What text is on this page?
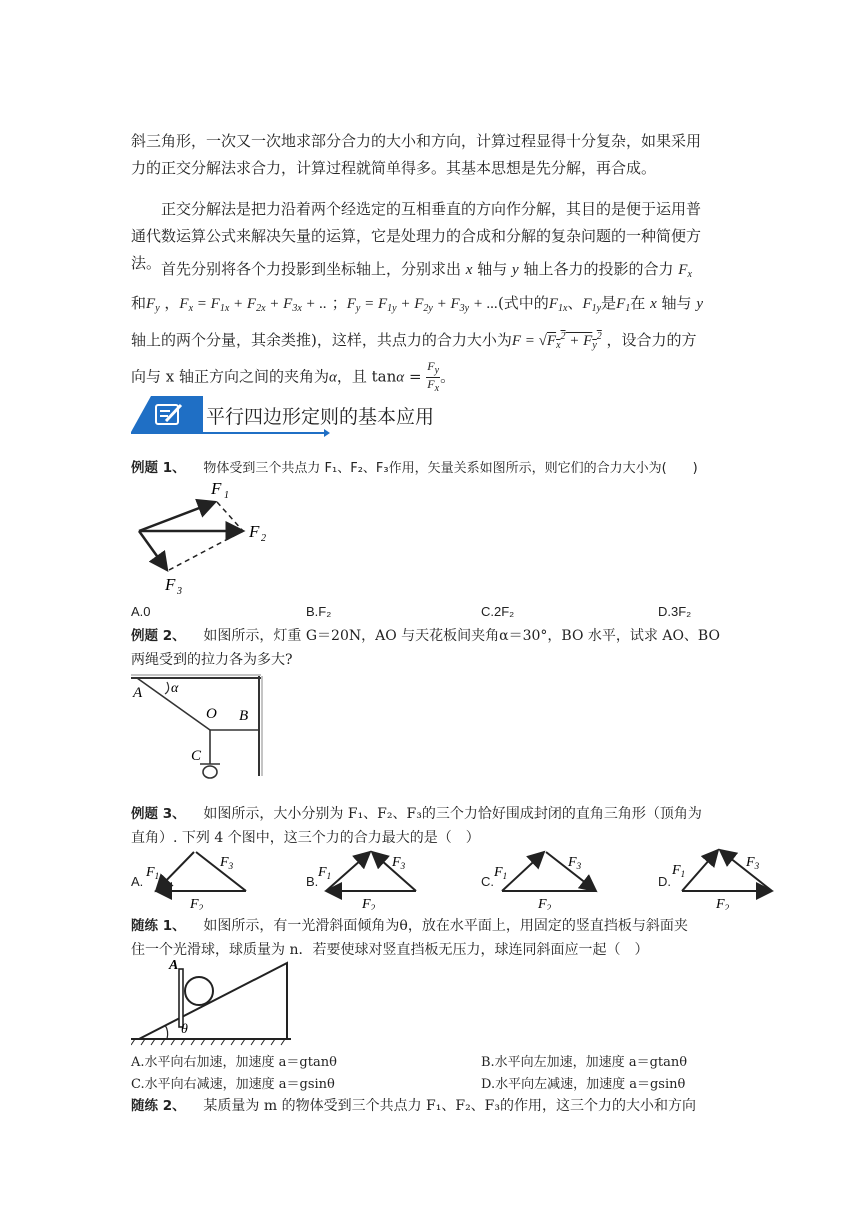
斜三角形，一次又一次地求部分合力的大小和方向，计算过程显得十分复杂，如果采用

力的正交分解法求合力，计算过程就简单得多。其基本思想是先分解，再合成。

正交分解法是把力沿着两个经选定的互相垂直的方向作分解，其目的是便于运用普

通代数运算公式来解决矢量的运算，它是处理力的合成和分解的复杂问题的一种简便方

法。 首先分别将各个力投影到坐标轴上，分别求出 x 轴与 y 轴上各力的投影的合力 $F_x$

和$F_y$ ，$F_x = F_{1x} + F_{2x} + F_{3x}$ + .. ；$F_y = F_{1y} + F_{2y} + F_{3y}$ + ...(式中的$F_{1x}$、$F_{1y}$是$F_1$在 x 轴与 y

轴上的两个分量，其余类推)，这样，共点力的合力大小为$F = √F_x^2 + F_y^2$ ，设合力的方

向与 x 轴正方向之间的夹角为α，且 $\tan\alpha = \frac{F_y}{F_x}$ 。

平行四边形定则的基本应用
例题 1、 物体受到三个共点力 F₁、F₂、F₃作用，矢量关系如图所示，则它们的合力大小为(　　)
F 1
F 2
F 3
A.0	B.F₂	C.2F₂	D.3F₂
例题 2、 如图所示，灯重 G＝20N，AO 与天花板间夹角α＝30°，BO 水平，试求 AO、BO
两绳受到的拉力各为多大?
A α
O B
C
例题 3、 如图所示，大小分别为 F₁、F₂、F₃的三个力恰好围成封闭的直角三角形（顶角为
直角）. 下列 4 个图中，这三个力的合力最大的是（　）
A.
$F_1$
$F_3$
$F_2$
B.
$F_1$
$F_3$
$F_2$
C.
$F_1$
$F_3$
$F_2$
D.
$F_1$
$F_3$
$F_2$
随练 1、 如图所示，有一光滑斜面倾角为θ，放在水平面上，用固定的竖直挡板与斜面夹
住一个光滑球，球质量为 n．若要使球对竖直挡板无压力，球连同斜面应一起（　）
A
θ
A.水平向右加速，加速度 a＝gtanθ	B.水平向左加速，加速度 a＝gtanθ
C.水平向右减速，加速度 a＝gsinθ	D.水平向左减速，加速度 a＝gsinθ
随练 2、 某质量为 m 的物体受到三个共点力 F₁、F₂、F₃的作用，这三个力的大小和方向
